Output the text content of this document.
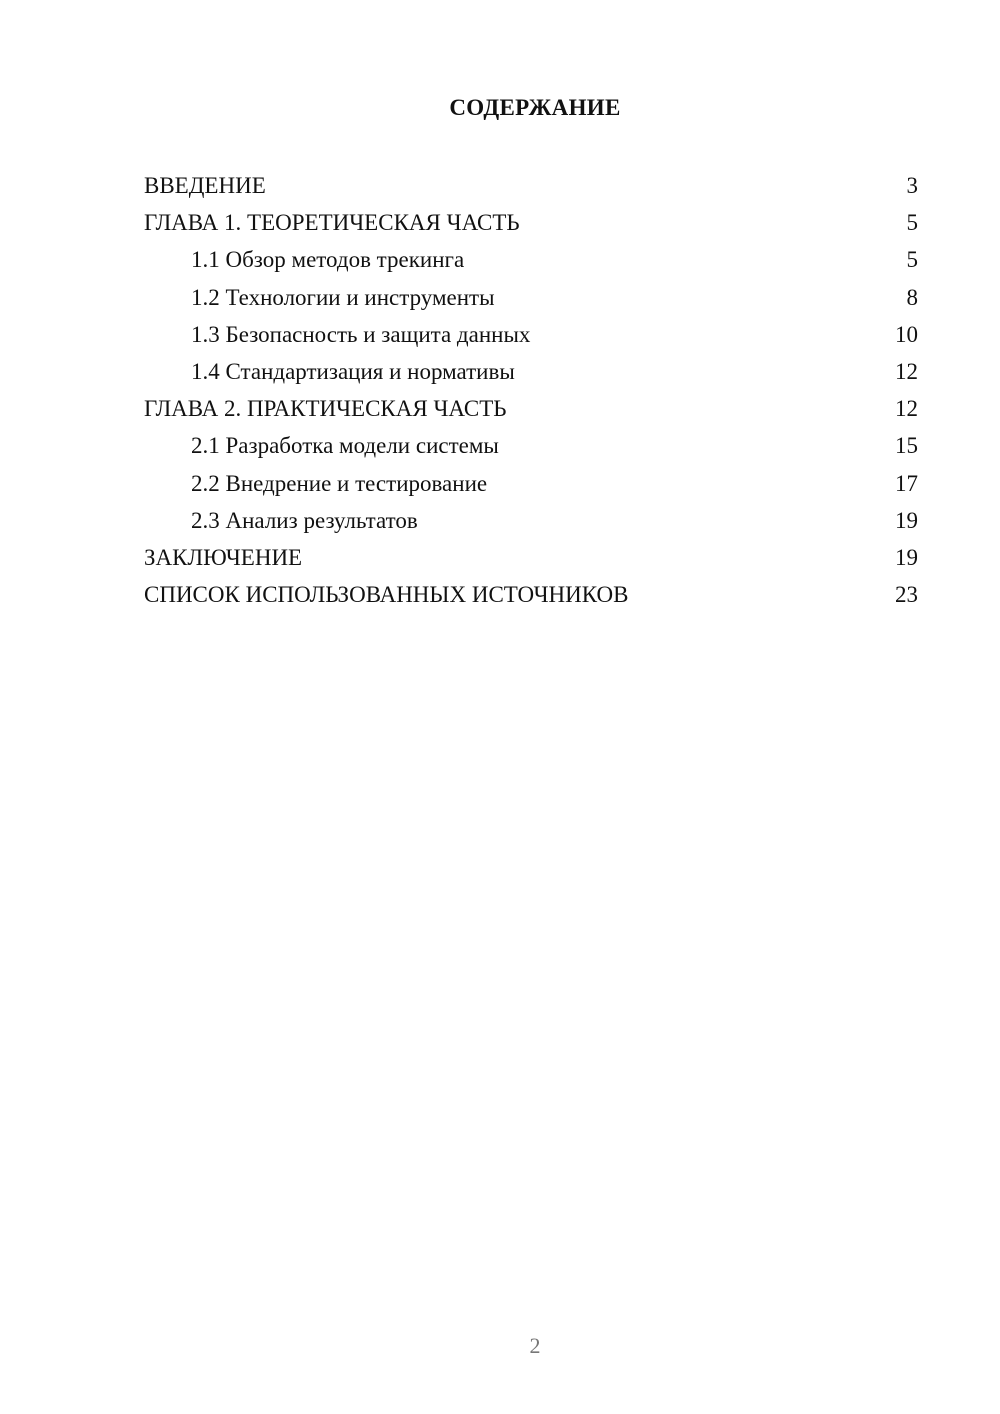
СОДЕРЖАНИЕ
ВВЕДЕНИЕ	3
ГЛАВА 1. ТЕОРЕТИЧЕСКАЯ ЧАСТЬ	5
1.1 Обзор методов трекинга	5
1.2 Технологии и инструменты	8
1.3 Безопасность и защита данных	10
1.4 Стандартизация и нормативы	12
ГЛАВА 2. ПРАКТИЧЕСКАЯ ЧАСТЬ	12
2.1 Разработка модели системы	15
2.2 Внедрение и тестирование	17
2.3 Анализ результатов	19
ЗАКЛЮЧЕНИЕ	19
СПИСОК ИСПОЛЬЗОВАННЫХ ИСТОЧНИКОВ	23
2
